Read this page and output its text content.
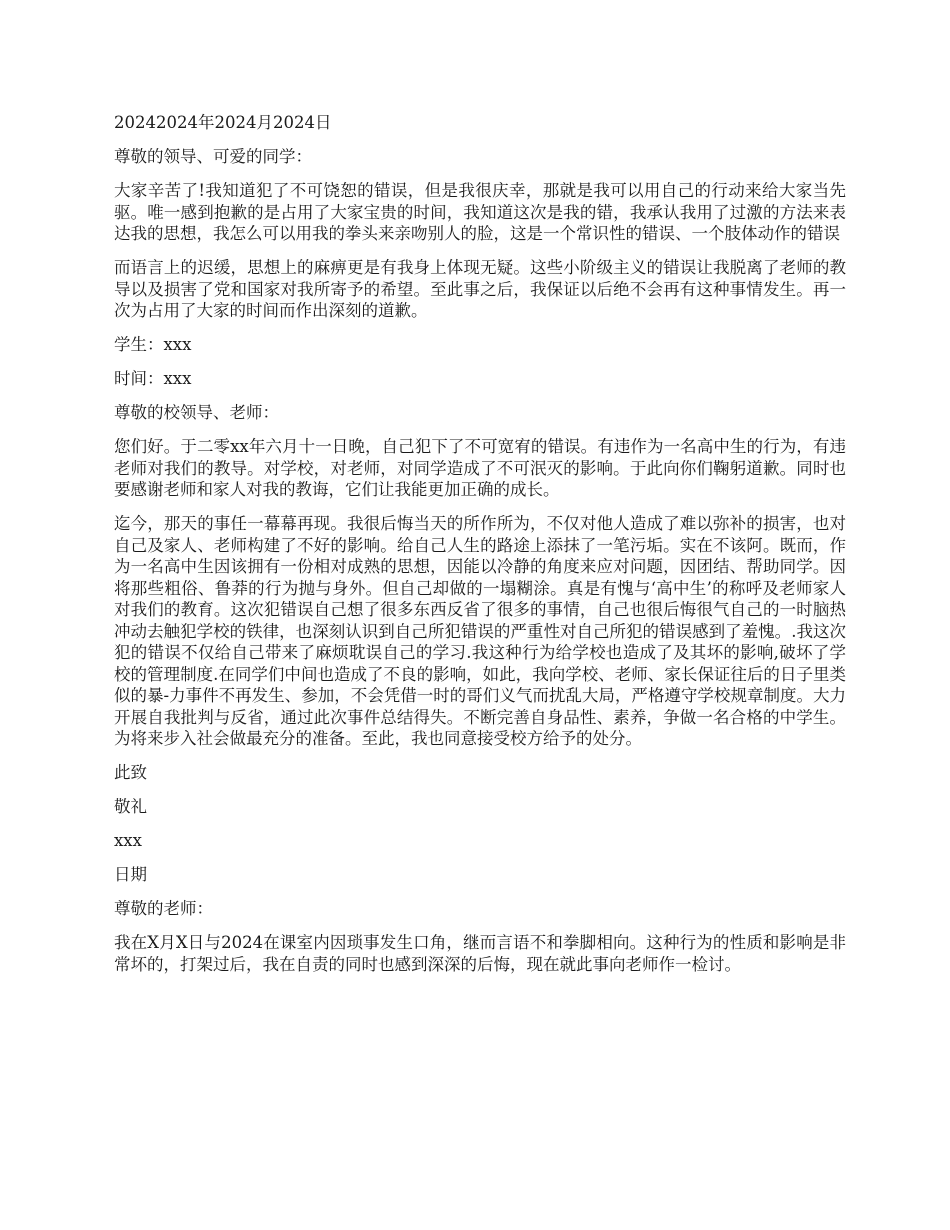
20242024年2024月2024日

尊敬的领导、可爱的同学：

大家辛苦了!我知道犯了不可饶恕的错误，但是我很庆幸，那就是我可以用自己的行动来给大家当先驱。唯一感到抱歉的是占用了大家宝贵的时间，我知道这次是我的错，我承认我用了过激的方法来表达我的思想，我怎么可以用我的拳头来亲吻别人的脸，这是一个常识性的错误、一个肢体动作的错误

而语言上的迟缓，思想上的麻痹更是有我身上体现无疑。这些小阶级主义的错误让我脱离了老师的教导以及损害了党和国家对我所寄予的希望。至此事之后，我保证以后绝不会再有这种事情发生。再一次为占用了大家的时间而作出深刻的道歉。

学生：xxx

时间：xxx

尊敬的校领导、老师：

您们好。于二零xx年六月十一日晚，自己犯下了不可宽宥的错误。有违作为一名高中生的行为，有违老师对我们的教导。对学校，对老师，对同学造成了不可泯灭的影响。于此向你们鞠躬道歉。同时也要感谢老师和家人对我的教诲，它们让我能更加正确的成长。

迄今，那天的事任一幕幕再现。我很后悔当天的所作所为，不仅对他人造成了难以弥补的损害，也对自己及家人、老师构建了不好的影响。给自己人生的路途上添抹了一笔污垢。实在不该阿。既而，作为一名高中生因该拥有一份相对成熟的思想，因能以冷静的角度来应对问题，因团结、帮助同学。因将那些粗俗、鲁莽的行为抛与身外。但自己却做的一塌糊涂。真是有愧与‘高中生’的称呼及老师家人对我们的教育。这次犯错误自己想了很多东西反省了很多的事情，自己也很后悔很气自己的一时脑热冲动去触犯学校的铁律，也深刻认识到自己所犯错误的严重性对自己所犯的错误感到了羞愧。.我这次犯的错误不仅给自己带来了麻烦耽误自己的学习.我这种行为给学校也造成了及其坏的影响,破坏了学校的管理制度.在同学们中间也造成了不良的影响，如此，我向学校、老师、家长保证往后的日子里类似的暴-力事件不再发生、参加，不会凭借一时的哥们义气而扰乱大局，严格遵守学校规章制度。大力开展自我批判与反省，通过此次事件总结得失。不断完善自身品性、素养，争做一名合格的中学生。为将来步入社会做最充分的准备。至此，我也同意接受校方给予的处分。

此致

敬礼

xxx

日期

尊敬的老师：

我在X月X日与2024在课室内因琐事发生口角，继而言语不和拳脚相向。这种行为的性质和影响是非常坏的，打架过后，我在自责的同时也感到深深的后悔，现在就此事向老师作一检讨。
